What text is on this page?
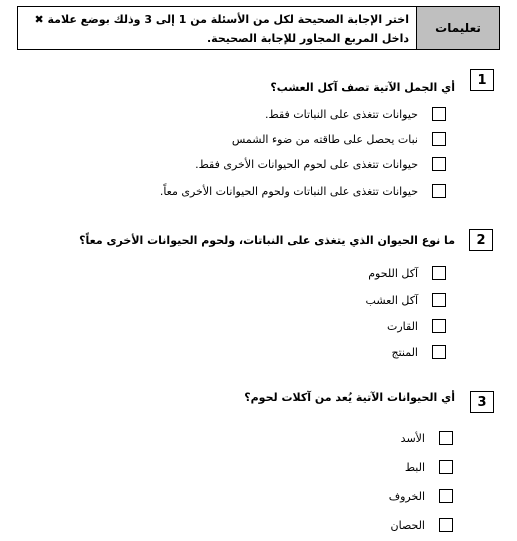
تعليمات
اختر الإجابة الصحيحة لكل من الأسئلة من 1 إلى 3 وذلك بوضع علامة ✖ داخل المربع المجاور للإجابة الصحيحة.
1
أي الجمل الآتية تصف آكل العشب؟
حيوانات تتغذى على النباتات فقط.
نبات يحصل على طاقته من ضوء الشمس
حيوانات تتغذى على لحوم الحيوانات الأخرى فقط.
حيوانات تتغذى على النباتات ولحوم الحيوانات الأخرى معاً.
2
ما نوع الحيوان الذي يتغذى على النباتات، ولحوم الحيوانات الأخرى معاً؟
آكل اللحوم
آكل العشب
القارت
المنتج
3
أي الحيوانات الآتية يُعد من آكلات لحوم؟
الأسد
البط
الخروف
الحصان
